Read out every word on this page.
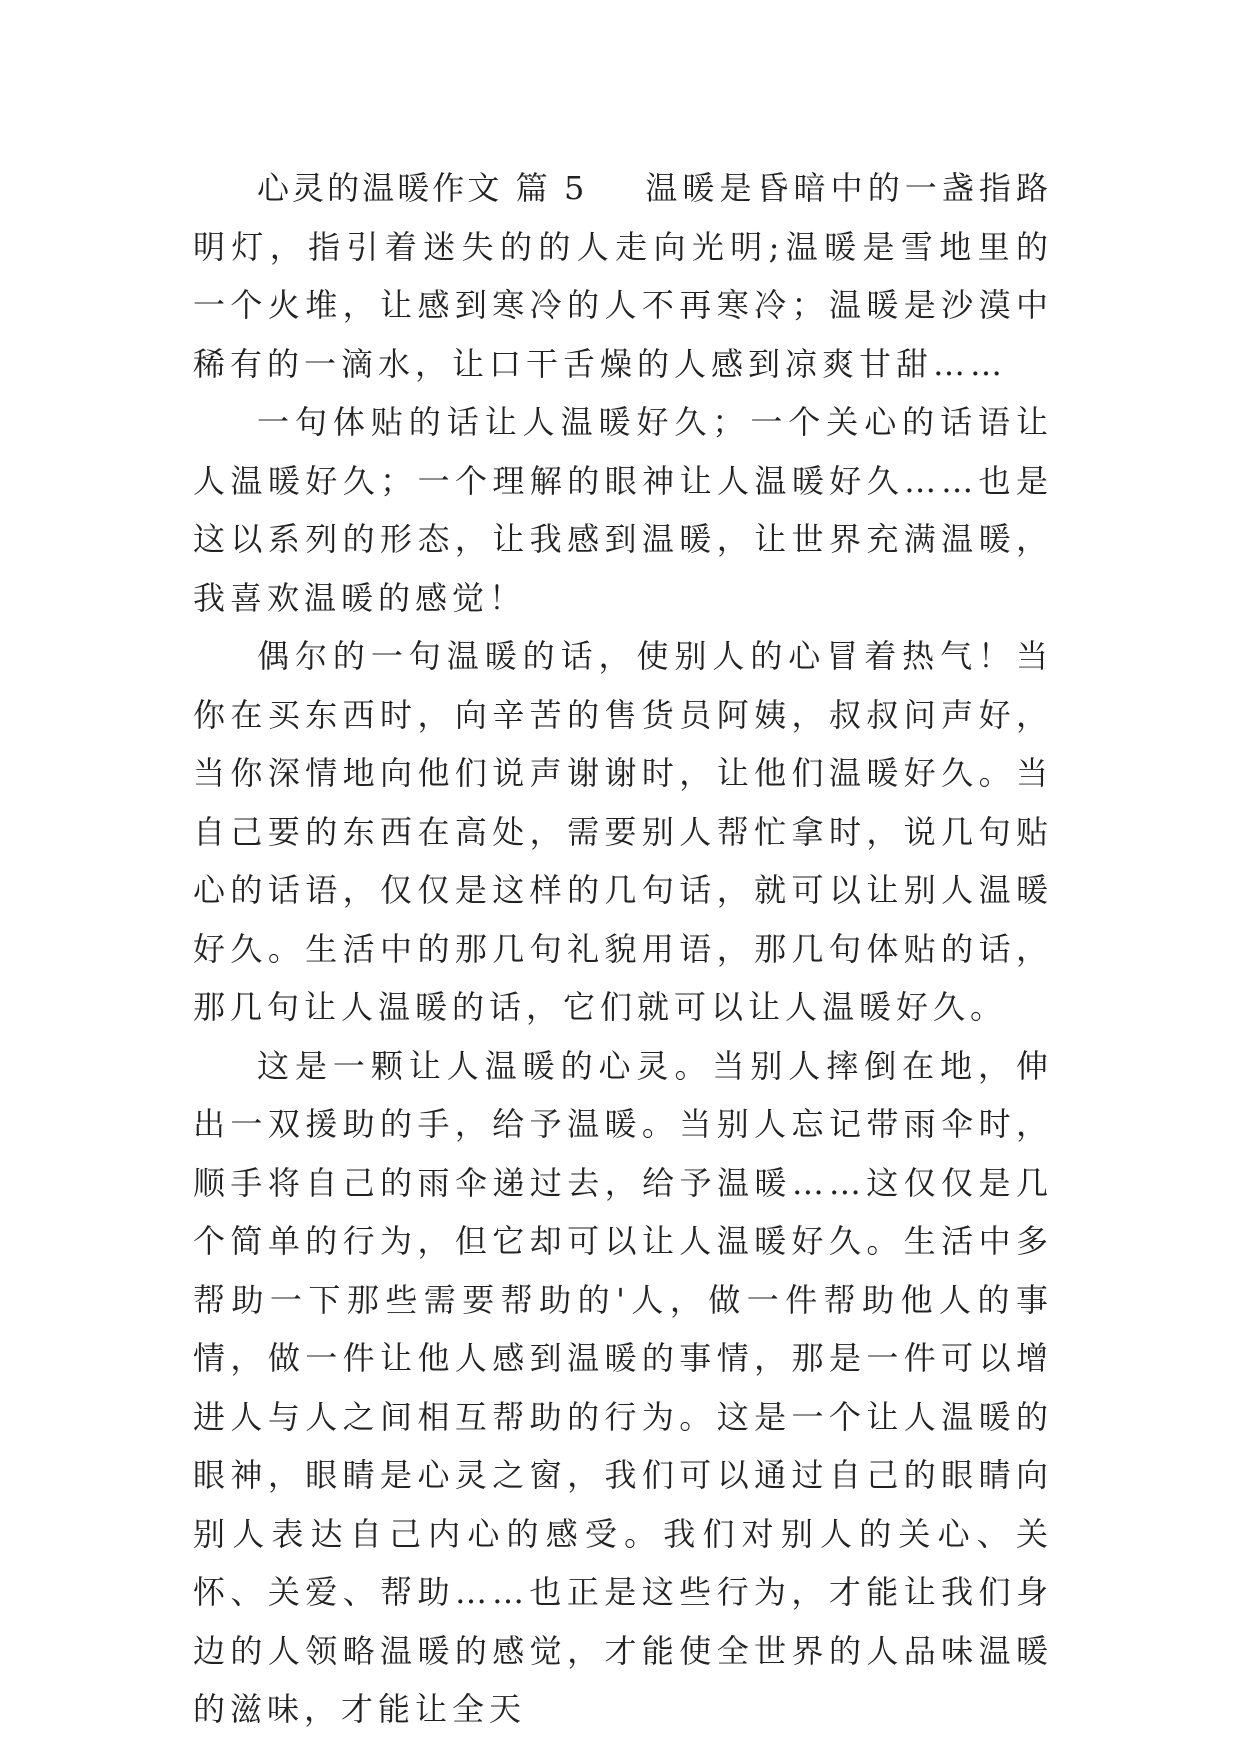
心灵的温暖作文 篇 5 温暖是昏暗中的一盏指路明灯，指引着迷失的的人走向光明;温暖是雪地里的一个火堆，让感到寒冷的人不再寒冷；温暖是沙漠中稀有的一滴水，让口干舌燥的人感到凉爽甘甜……

一句体贴的话让人温暖好久；一个关心的话语让人温暖好久；一个理解的眼神让人温暖好久……也是这以系列的形态，让我感到温暖，让世界充满温暖，我喜欢温暖的感觉！

偶尔的一句温暖的话，使别人的心冒着热气！当你在买东西时，向辛苦的售货员阿姨，叔叔问声好，当你深情地向他们说声谢谢时，让他们温暖好久。当自己要的东西在高处，需要别人帮忙拿时，说几句贴心的话语，仅仅是这样的几句话，就可以让别人温暖好久。生活中的那几句礼貌用语，那几句体贴的话，那几句让人温暖的话，它们就可以让人温暖好久。

这是一颗让人温暖的心灵。当别人摔倒在地，伸出一双援助的手，给予温暖。当别人忘记带雨伞时，顺手将自己的雨伞递过去，给予温暖……这仅仅是几个简单的行为，但它却可以让人温暖好久。生活中多帮助一下那些需要帮助的'人，做一件帮助他人的事情，做一件让他人感到温暖的事情，那是一件可以增进人与人之间相互帮助的行为。这是一个让人温暖的眼神，眼睛是心灵之窗，我们可以通过自己的眼睛向别人表达自己内心的感受。我们对别人的关心、关怀、关爱、帮助……也正是这些行为，才能让我们身边的人领略温暖的感觉，才能使全世界的人品味温暖的滋味，才能让全天
